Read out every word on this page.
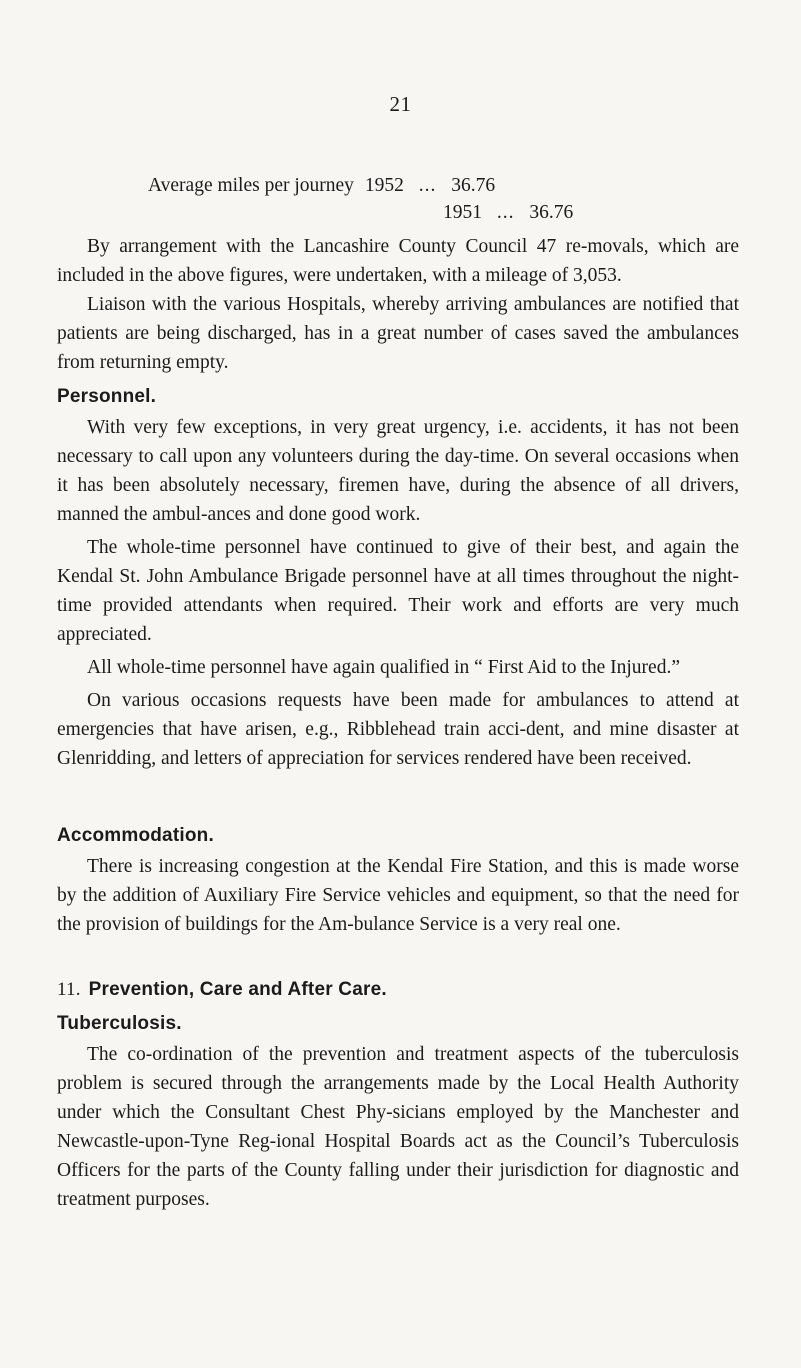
21
Average miles per journey 1952 ... 36.76
1951 ... 36.76

By arrangement with the Lancashire County Council 47 re-movals, which are included in the above figures, were undertaken, with a mileage of 3,053.

Liaison with the various Hospitals, whereby arriving ambulances are notified that patients are being discharged, has in a great number of cases saved the ambulances from returning empty.

Personnel.

With very few exceptions, in very great urgency, i.e. accidents, it has not been necessary to call upon any volunteers during the day-time. On several occasions when it has been absolutely necessary, firemen have, during the absence of all drivers, manned the ambul-ances and done good work.

The whole-time personnel have continued to give of their best, and again the Kendal St. John Ambulance Brigade personnel have at all times throughout the night-time provided attendants when required. Their work and efforts are very much appreciated.

All whole-time personnel have again qualified in “ First Aid to the Injured.”

On various occasions requests have been made for ambulances to attend at emergencies that have arisen, e.g., Ribblehead train acci-dent, and mine disaster at Glenridding, and letters of appreciation for services rendered have been received.

Accommodation.

There is increasing congestion at the Kendal Fire Station, and this is made worse by the addition of Auxiliary Fire Service vehicles and equipment, so that the need for the provision of buildings for the Am-bulance Service is a very real one.

11. Prevention, Care and After Care.
Tuberculosis.

The co-ordination of the prevention and treatment aspects of the tuberculosis problem is secured through the arrangements made by the Local Health Authority under which the Consultant Chest Phy-sicians employed by the Manchester and Newcastle-upon-Tyne Reg-ional Hospital Boards act as the Council’s Tuberculosis Officers for the parts of the County falling under their jurisdiction for diagnostic and treatment purposes.
